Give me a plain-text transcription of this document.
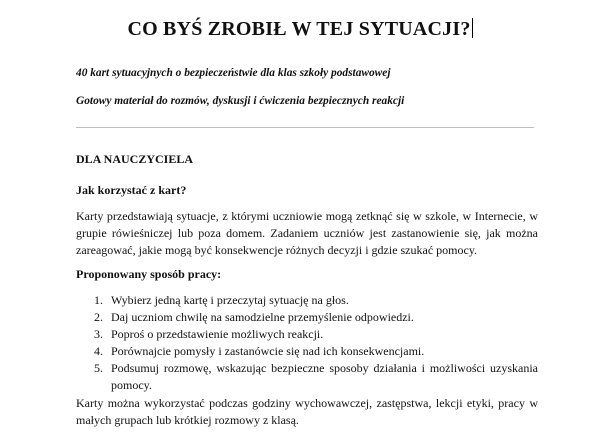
CO BYŚ ZROBIŁ W TEJ SYTUACJI?
40 kart sytuacyjnych o bezpieczeństwie dla klas szkoły podstawowej
Gotowy materiał do rozmów, dyskusji i ćwiczenia bezpiecznych reakcji
DLA NAUCZYCIELA
Jak korzystać z kart?
Karty przedstawiają sytuacje, z którymi uczniowie mogą zetknąć się w szkole, w Internecie, w grupie rówieśniczej lub poza domem. Zadaniem uczniów jest zastanowienie się, jak można zareagować, jakie mogą być konsekwencje różnych decyzji i gdzie szukać pomocy.
Proponowany sposób pracy:
1. Wybierz jedną kartę i przeczytaj sytuację na głos.
2. Daj uczniom chwilę na samodzielne przemyślenie odpowiedzi.
3. Poproś o przedstawienie możliwych reakcji.
4. Porównajcie pomysły i zastanówcie się nad ich konsekwencjami.
5. Podsumuj rozmowę, wskazując bezpieczne sposoby działania i możliwości uzyskania pomocy.
Karty można wykorzystać podczas godziny wychowawczej, zastępstwa, lekcji etyki, pracy w małych grupach lub krótkiej rozmowy z klasą.
